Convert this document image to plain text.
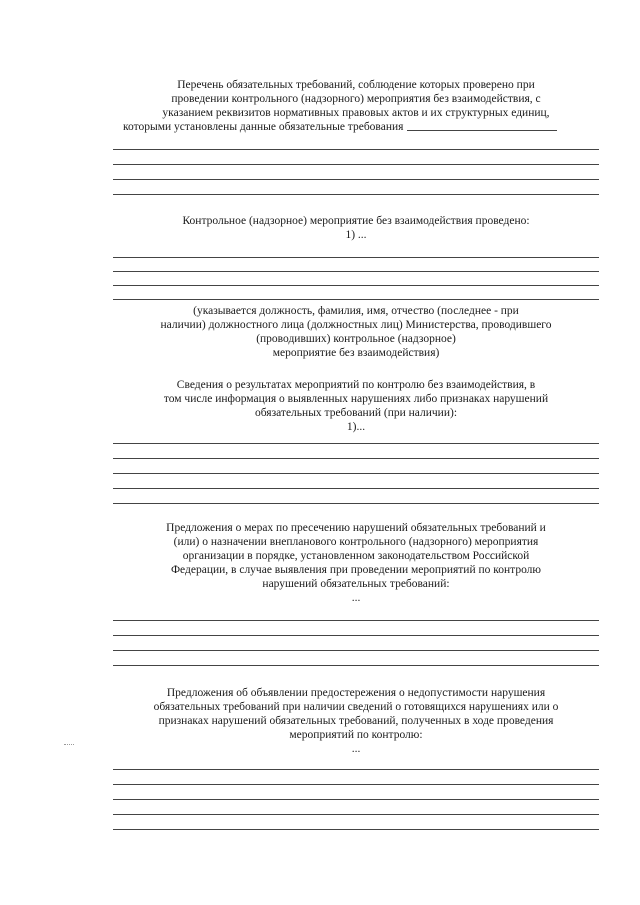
Перечень обязательных требований, соблюдение которых проверено при
проведении контрольного (надзорного) мероприятия без взаимодействия, с
указанием реквизитов нормативных правовых актов и их структурных единиц,
которыми установлены данные обязательные требования
Контрольное (надзорное) мероприятие без взаимодействия проведено:
1) ...
(указывается должность, фамилия, имя, отчество (последнее - при
наличии) должностного лица (должностных лиц) Министерства, проводившего
(проводивших) контрольное (надзорное)
мероприятие без взаимодействия)
Сведения о результатах мероприятий по контролю без взаимодействия, в
том числе информация о выявленных нарушениях либо признаках нарушений
обязательных требований (при наличии):
1)...
Предложения о мерах по пресечению нарушений обязательных требований и
(или) о назначении внепланового контрольного (надзорного) мероприятия
организации в порядке, установленном законодательством Российской
Федерации, в случае выявления при проведении мероприятий по контролю
нарушений обязательных требований:
...
Предложения об объявлении предостережения о недопустимости нарушения
обязательных требований при наличии сведений о готовящихся нарушениях или о
признаках нарушений обязательных требований, полученных в ходе проведения
мероприятий по контролю:
...
